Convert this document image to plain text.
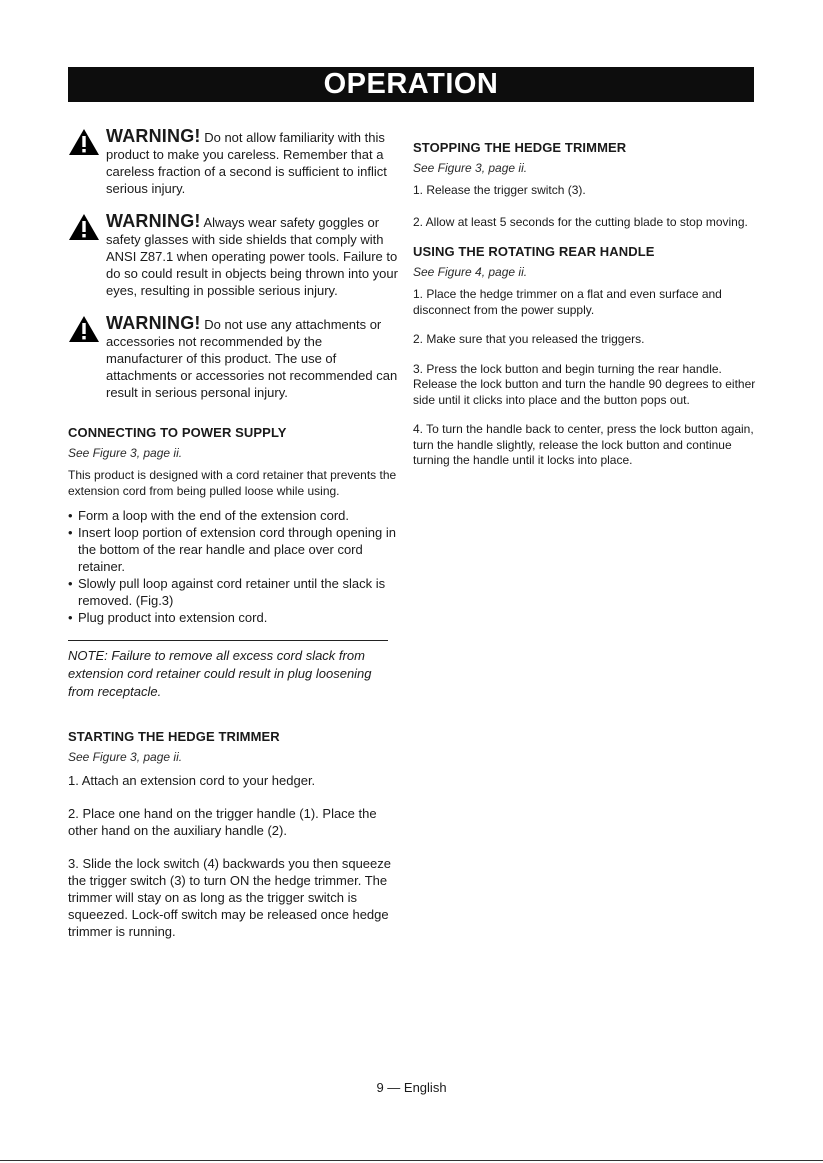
OPERATION
WARNING! Do not allow familiarity with this product to make you careless. Remember that a careless fraction of a second is sufficient to inflict serious injury.
WARNING! Always wear safety goggles or safety glasses with side shields that comply with ANSI Z87.1 when operating power tools. Failure to do so could result in objects being thrown into your eyes, resulting in possible serious injury.
WARNING! Do not use any attachments or accessories not recommended by the manufacturer of this product. The use of attachments or accessories not recommended can result in serious personal injury.
CONNECTING TO POWER SUPPLY
See Figure 3, page ii.

This product is designed with a cord retainer that prevents the extension cord from being pulled loose while using.

• Form a loop with the end of the extension cord.
• Insert loop portion of extension cord through opening in the bottom of the rear handle and place over cord retainer.
• Slowly pull loop against cord retainer until the slack is removed. (Fig.3)
• Plug product into extension cord.

NOTE: Failure to remove all excess cord slack from extension cord retainer could result in plug loosening from receptacle.

STARTING THE HEDGE TRIMMER
See Figure 3, page ii.

1. Attach an extension cord to your hedger.

2. Place one hand on the trigger handle (1). Place the other hand on the auxiliary handle (2).

3. Slide the lock switch (4) backwards you then squeeze the trigger switch (3) to turn ON the hedge trimmer. The trimmer will stay on as long as the trigger switch is squeezed. Lock-off switch may be released once hedge trimmer is running.

STOPPING THE HEDGE TRIMMER
See Figure 3, page ii.

1. Release the trigger switch (3).

2. Allow at least 5 seconds for the cutting blade to stop moving.

USING THE ROTATING REAR HANDLE
See Figure 4, page ii.

1. Place the hedge trimmer on a flat and even surface and disconnect from the power supply.

2. Make sure that you released the triggers.

3. Press the lock button and begin turning the rear handle. Release the lock button and turn the handle 90 degrees to either side until it clicks into place and the button pops out.

4. To turn the handle back to center, press the lock button again, turn the handle slightly, release the lock button and continue turning the handle until it locks into place.

9 — English
